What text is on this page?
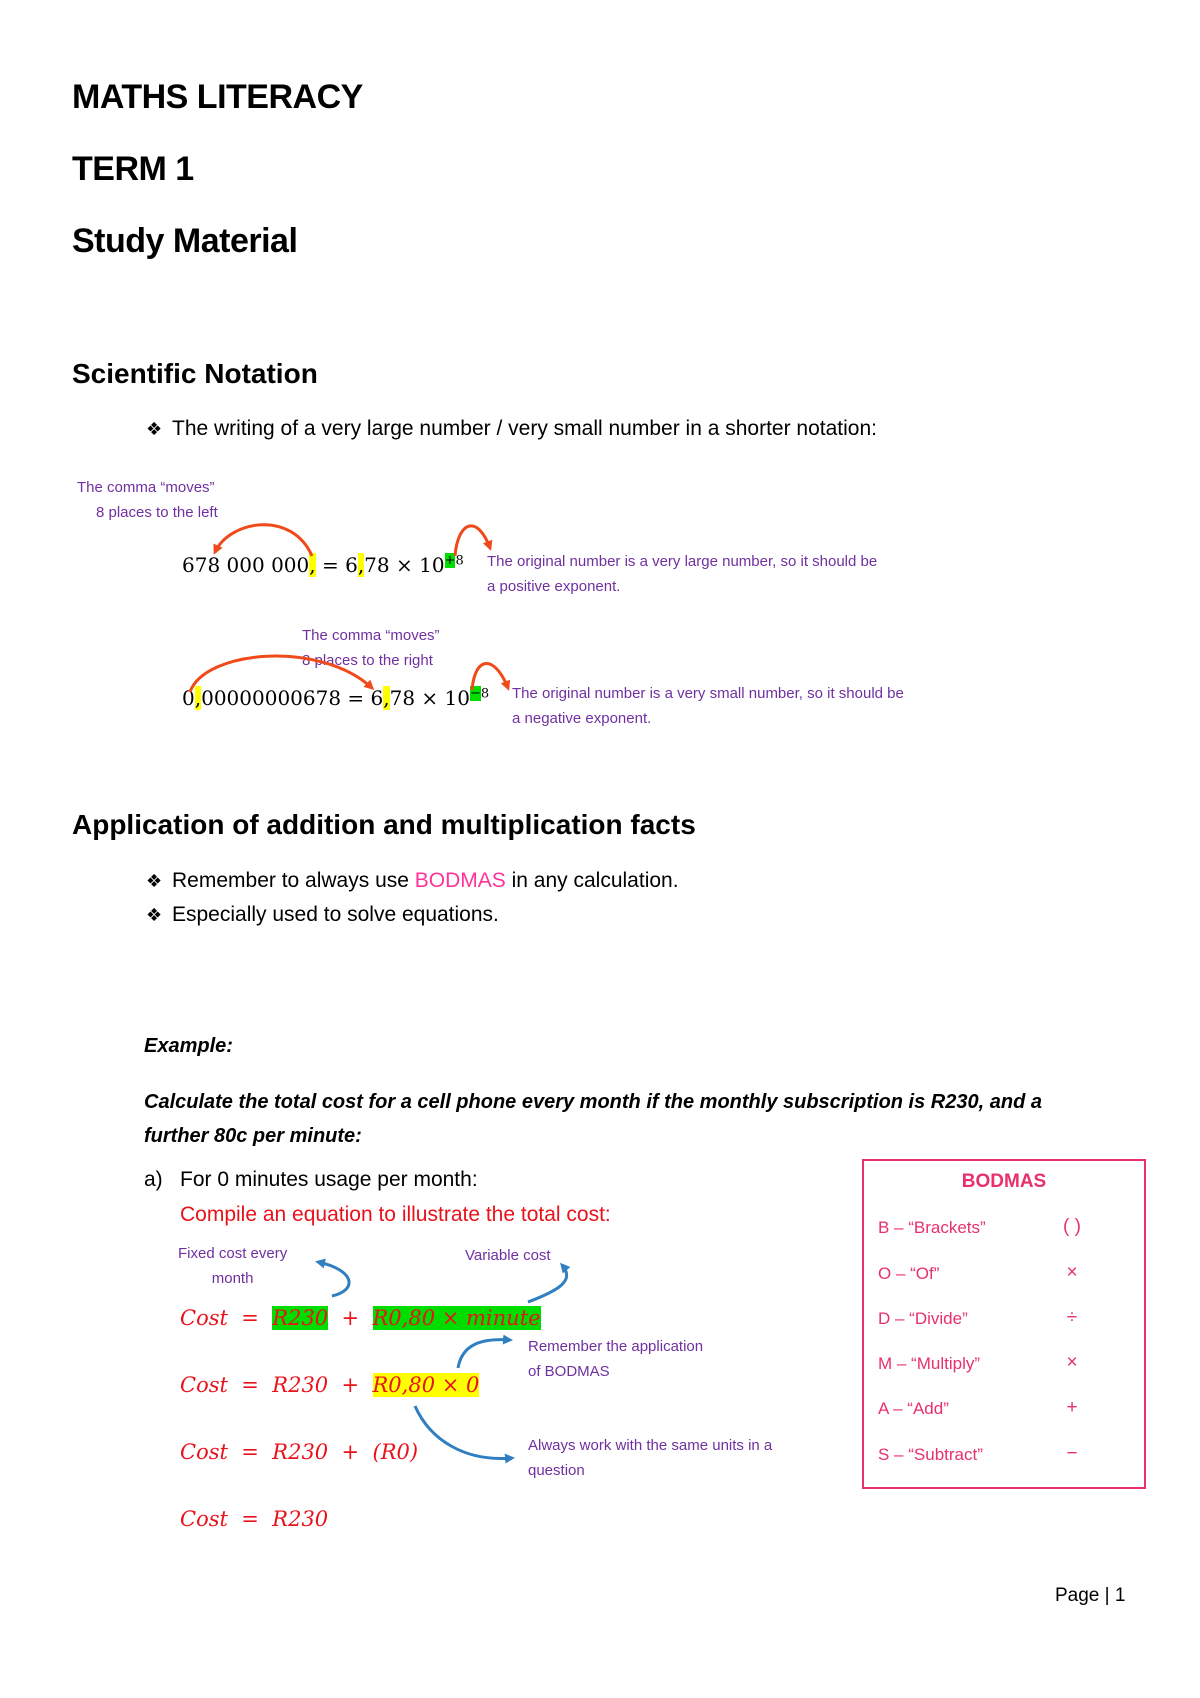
MATHS LITERACY
TERM 1
Study Material
Scientific Notation
❖ The writing of a very large number / very small number in a shorter notation:
The comma “moves”
8 places to the left
678 000 000, = $6,78 \times 10^{+8}$ The original number is a very large number, so it should be
a positive exponent.
The comma “moves”
8 places to the right
$0,00000000678 = 6,78 \times 10^{-8}$ The original number is a very small number, so it should be
a negative exponent.
Application of addition and multiplication facts
❖ Remember to always use BODMAS in any calculation.
❖ Especially used to solve equations.
Example:
Calculate the total cost for a cell phone every month if the monthly subscription is R230, and a
further 80c per minute:
a) For 0 minutes usage per month:
Compile an equation to illustrate the total cost:
Fixed cost every
month
Variable cost
Cost = R230 + R0,80 × minute
Remember the application
of BODMAS
Cost = R230 + R0,80 × 0
Cost = R230 + (R0)	Always work with the same units in a
question
Cost = R230
BODMAS
B – “Brackets”	( )
O – “Of”	×
D – “Divide”	÷
M – “Multiply”	×
A – “Add”	+
S – “Subtract”	−
Page | 1
